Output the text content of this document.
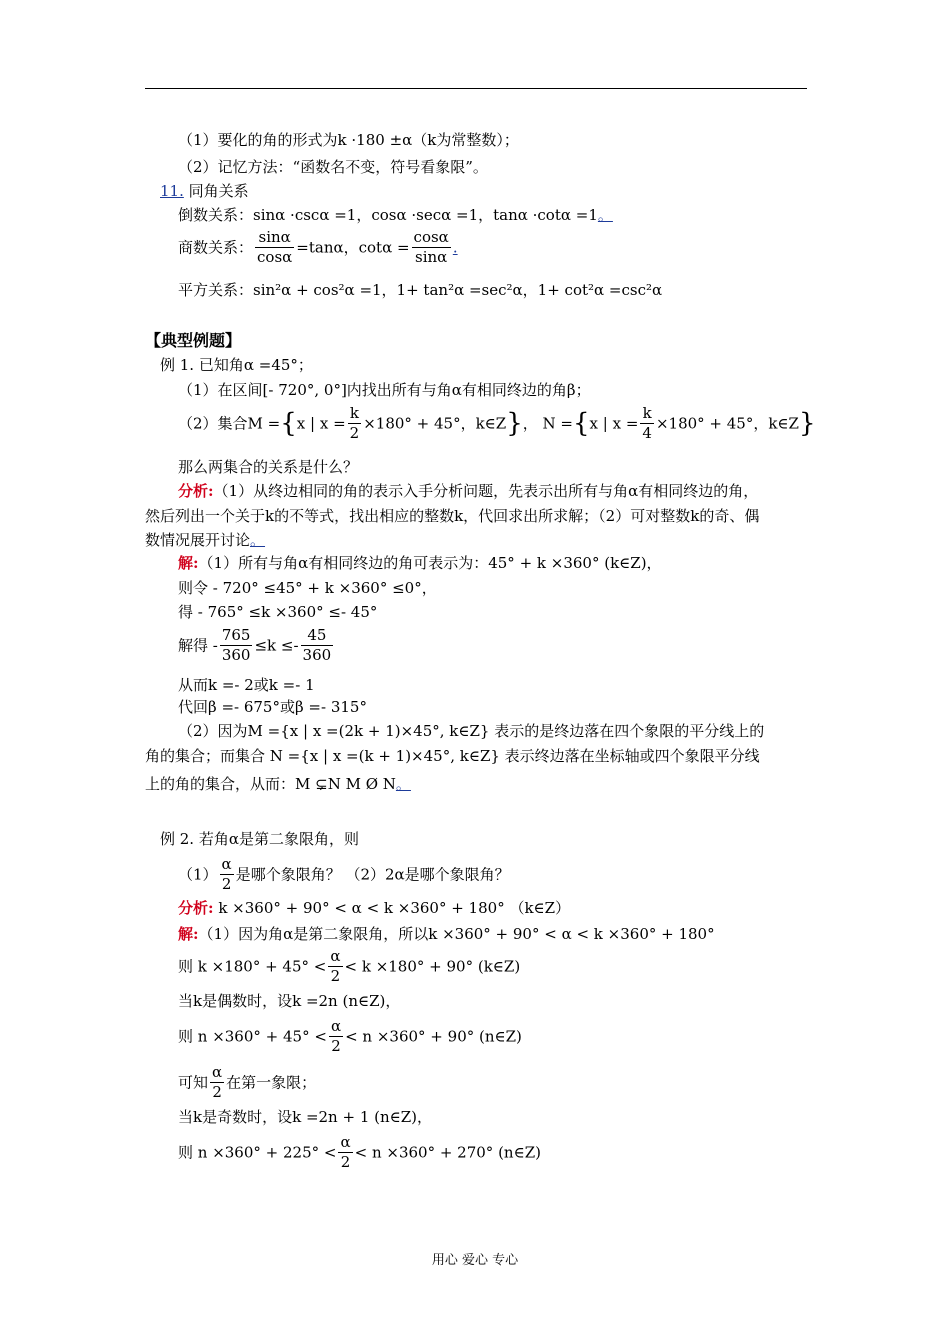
（1）要化的角的形式为k ·180 ±α（k为常整数）；
（2）记忆方法：“函数名不变，符号看象限”。
11. 同角关系
倒数关系：sinα ·cscα =1，cosα ·secα =1，tanα ·cotα =1。
商数关系： $\frac{\sin\alpha}{\cos\alpha} =\tan\alpha$，$\cot\alpha = \frac{\cos\alpha}{\sin\alpha}$ .
平方关系：sin²α + cos²α =1，1+ tan²α =sec²α，1+ cot²α =csc²α
【典型例题】
例 1. 已知角α =45°；
（1）在区间[- 720°, 0°]内找出所有与角α有相同终边的角β；
（2）集合M ={x | $x = \frac{k}{2} \times 180^\circ + 45^\circ$，k∈Z}， N ={x | $x = \frac{k}{4} \times 180^\circ + 45^\circ$，k∈Z}
那么两集合的关系是什么？
分析:（1）从终边相同的角的表示入手分析问题，先表示出所有与角α有相同终边的角，
然后列出一个关于k的不等式，找出相应的整数k，代回求出所求解；（2）可对整数k的奇、偶
数情况展开讨论。
解:（1）所有与角α有相同终边的角可表示为：45° + k ×360° (k∈Z)，
则令 - 720° ≤45° + k ×360° ≤0°，
得 - 765° ≤k ×360° ≤- 45°
解得 - $\frac{765}{360} \le k \le- \frac{45}{360}$
从而k =- 2或k =- 1
代回β =- 675°或β =- 315°
（2）因为M ={x | x =(2k + 1)×45°, k∈Z} 表示的是终边落在四个象限的平分线上的
角的集合；而集合 N ={x | x =(k + 1)×45°, k∈Z} 表示终边落在坐标轴或四个象限平分线
上的角的集合，从而：M ⊊N M Ø N。
例 2. 若角α是第二象限角，则
$(1) \frac{\alpha}{2}$ 是哪个象限角？ （2）2α是哪个象限角？
分析: k ×360° + 90° < α < k ×360° + 180° （k∈Z）
解:（1）因为角α是第二象限角，所以k ×360° + 90° < α < k ×360° + 180°
则 $k \times 180^\circ + 45^\circ < \frac{\alpha}{2} < k \times 180^\circ + 90^\circ$ (k∈Z)
当k是偶数时，设k =2n (n∈Z)，
则 $n \times 360^\circ + 45^\circ < \frac{\alpha}{2} < n \times 360^\circ + 90^\circ$ (n∈Z)
可知 $\frac{\alpha}{2}$ 在第一象限；
当k是奇数时，设k =2n + 1 (n∈Z)，
则 $n \times 360^\circ + 225^\circ < \frac{\alpha}{2} < n \times 360^\circ + 270^\circ$ (n∈Z)
用心 爱心 专心
